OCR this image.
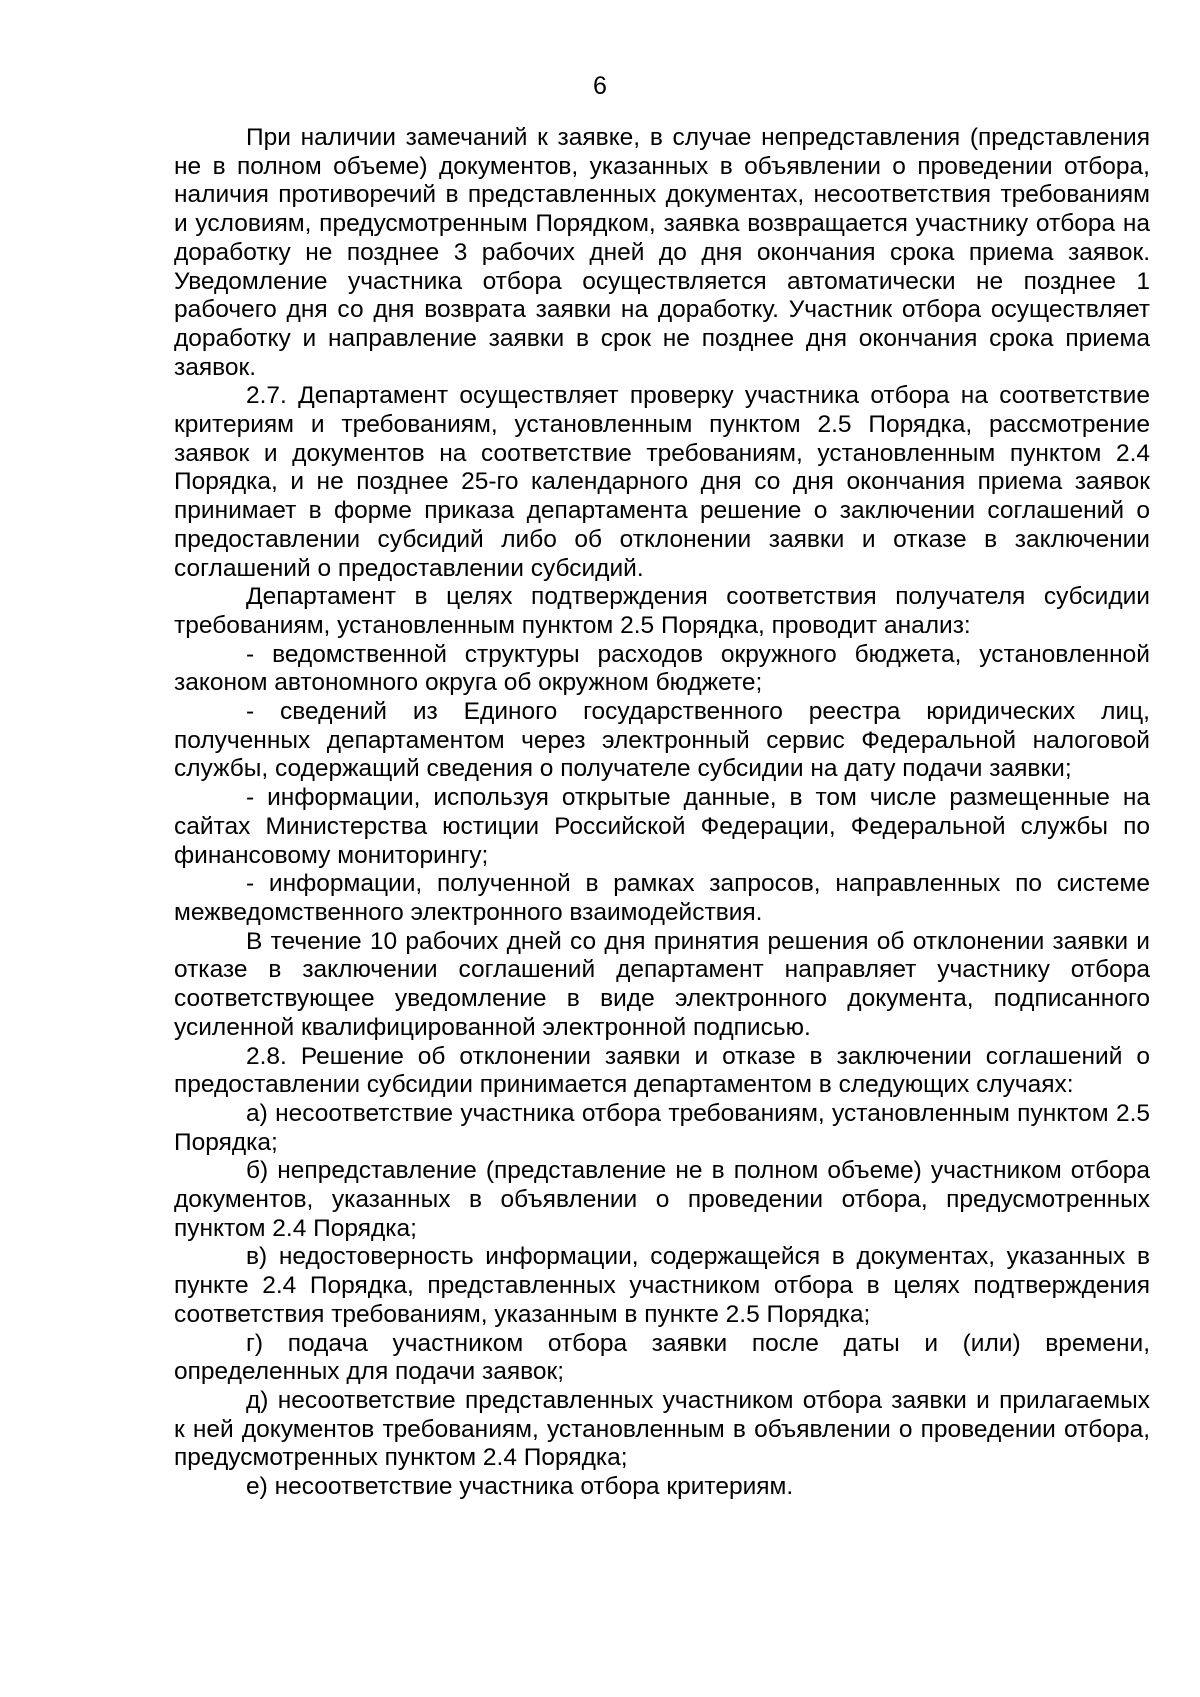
6

При наличии замечаний к заявке, в случае непредставления (представления не в полном объеме) документов, указанных в объявлении о проведении отбора, наличия противоречий в представленных документах, несоответствия требованиям и условиям, предусмотренным Порядком, заявка возвращается участнику отбора на доработку не позднее 3 рабочих дней до дня окончания срока приема заявок. Уведомление участника отбора осуществляется автоматически не позднее 1 рабочего дня со дня возврата заявки на доработку. Участник отбора осуществляет доработку и направление заявки в срок не позднее дня окончания срока приема заявок.

2.7. Департамент осуществляет проверку участника отбора на соответствие критериям и требованиям, установленным пунктом 2.5 Порядка, рассмотрение заявок и документов на соответствие требованиям, установленным пунктом 2.4 Порядка, и не позднее 25-го календарного дня со дня окончания приема заявок принимает в форме приказа департамента решение о заключении соглашений о предоставлении субсидий либо об отклонении заявки и отказе в заключении соглашений о предоставлении субсидий.

Департамент в целях подтверждения соответствия получателя субсидии требованиям, установленным пунктом 2.5 Порядка, проводит анализ:

- ведомственной структуры расходов окружного бюджета, установленной законом автономного округа об окружном бюджете;

- сведений из Единого государственного реестра юридических лиц, полученных департаментом через электронный сервис Федеральной налоговой службы, содержащий сведения о получателе субсидии на дату подачи заявки;

- информации, используя открытые данные, в том числе размещенные на сайтах Министерства юстиции Российской Федерации, Федеральной службы по финансовому мониторингу;

- информации, полученной в рамках запросов, направленных по системе межведомственного электронного взаимодействия.

В течение 10 рабочих дней со дня принятия решения об отклонении заявки и отказе в заключении соглашений департамент направляет участнику отбора соответствующее уведомление в виде электронного документа, подписанного усиленной квалифицированной электронной подписью.

2.8. Решение об отклонении заявки и отказе в заключении соглашений о предоставлении субсидии принимается департаментом в следующих случаях:

а) несоответствие участника отбора требованиям, установленным пунктом 2.5 Порядка;

б) непредставление (представление не в полном объеме) участником отбора документов, указанных в объявлении о проведении отбора, предусмотренных пунктом 2.4 Порядка;

в) недостоверность информации, содержащейся в документах, указанных в пункте 2.4 Порядка, представленных участником отбора в целях подтверждения соответствия требованиям, указанным в пункте 2.5 Порядка;

г) подача участником отбора заявки после даты и (или) времени, определенных для подачи заявок;

д) несоответствие представленных участником отбора заявки и прилагаемых к ней документов требованиям, установленным в объявлении о проведении отбора, предусмотренных пунктом 2.4 Порядка;

е) несоответствие участника отбора критериям.
